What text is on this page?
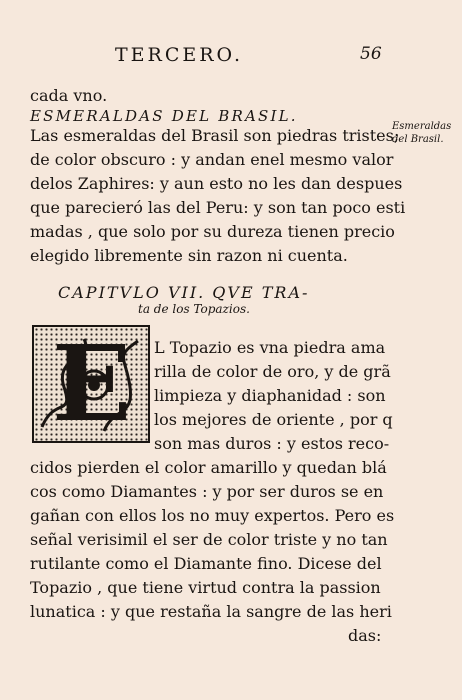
TERCERO.	56
cada vno.
ESMERALDAS DEL BRASIL.
Las esmeraldas del Brasil son piedras tristes;
de color obscuro : y andan enel mesmo valor
delos Zaphires: y aun esto no les dan despues
que parecieró las del Peru: y son tan poco esti
madas , que solo por su dureza tienen precio
elegido libremente sin razon ni cuenta.
Esmeraldas
del Brasil.
CAPITVLO VII. QVE TRA-
ta de los Topazios.
E L Topazio es vna piedra ama
rilla de color de oro, y de grã
limpieza y diaphanidad : son
los mejores de oriente , por q
son mas duros : y estos reco-
cidos pierden el color amarillo y quedan blá
cos como Diamantes : y por ser duros se en
gañan con ellos los no muy expertos. Pero es
señal verisimil el ser de color triste y no tan
rutilante como el Diamante fino. Dicese del
Topazio , que tiene virtud contra la passion
lunatica : y que restaña la sangre de las heri
das:
